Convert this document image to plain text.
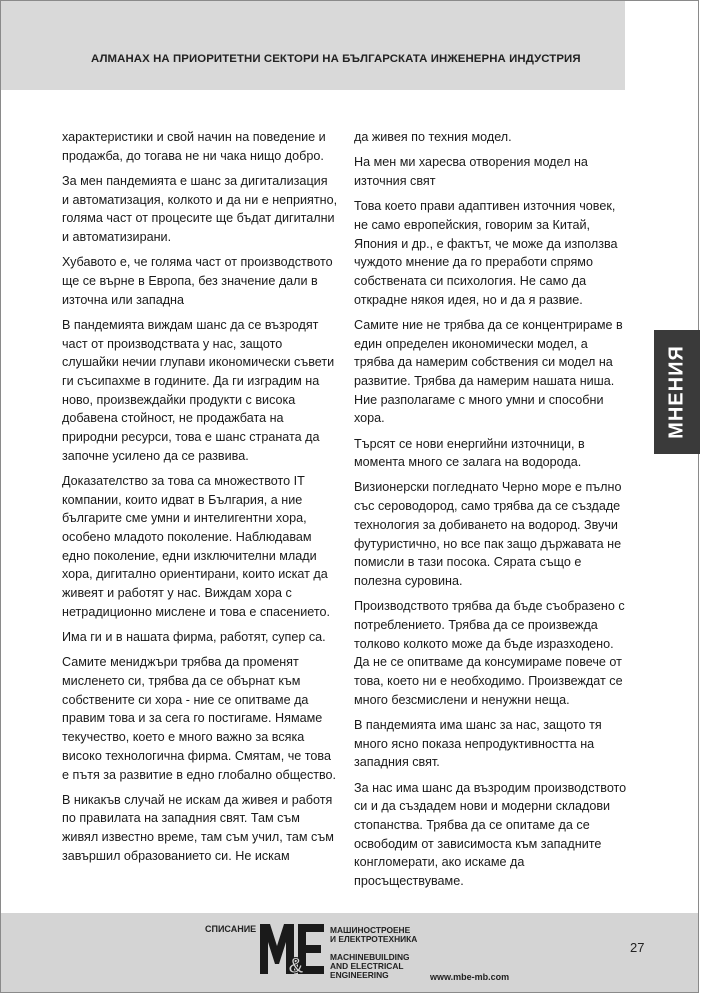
АЛМАНАХ НА ПРИОРИТЕТНИ СЕКТОРИ НА БЪЛГАРСКАТА ИНЖЕНЕРНА ИНДУСТРИЯ
МНЕНИЯ

характеристики и свой начин на поведение и продажба, до тогава не ни чака нищо добро.

За мен пандемията е шанс за дигитализация и автоматизация, колкото и да ни е неприятно, голяма част от процесите ще бъдат дигитални и автоматизирани.

Хубавото е, че голяма част от производството ще се върне в Европа, без значение дали в източна или западна

В пандемията виждам шанс да се възродят част от производствата у нас, защото слушайки нечии глупави икономически съвети ги съсипахме в годините. Да ги изградим на ново, произвеждайки продукти с висока добавена стойност, не продажбата на природни ресурси, това е шанс страната да започне усилено да се развива.

Доказателство за това са множеството IT компании, които идват в България, а ние българите сме умни и интелигентни хора, особено младото поколение. Наблюдавам едно поколение, едни изключителни млади хора, дигитално ориентирани, които искат да живеят и работят у нас. Виждам хора с нетрадиционно мислене и това е спасението.

Има ги и в нашата фирма, работят, супер са.

Самите мениджъри трябва да променят мисленето си, трябва да се обърнат към собствените си хора - ние се опитваме да правим това и за сега го постигаме. Нямаме текучество, което е много важно за всяка високо технологична фирма. Смятам, че това е пътя за развитие в едно глобално общество.

В никакъв случай не искам да живея и работя по правилата на западния свят. Там съм живял известно време, там съм учил, там съм завършил образованието си. Не искам

да живея по техния модел.

На мен ми харесва отворения модел на източния свят

Това което прави адаптивен източния човек, не само европейския, говорим за Китай, Япония и др., е фактът, че може да използва чуждото мнение да го преработи спрямо собствената си психология. Не само да открадне някоя идея, но и да я развие.

Самите ние не трябва да се концентрираме в един определен икономически модел, а трябва да намерим собствения си модел на развитие. Трябва да намерим нашата ниша. Ние разполагаме с много умни и способни хора.

Търсят се нови енергийни източници, в момента много се залага на водорода.

Визионерски погледнато Черно море е пълно със сероводород, само трябва да се създаде технология за добиването на водород. Звучи футуристично, но все пак защо държавата не помисли в тази посока. Сярата също е полезна суровина.

Производството трябва да бъде съобразено с потреблението. Трябва да се произвежда толково колкото може да бъде изразходено. Да не се опитваме да консумираме повече от това, което ни е необходимо. Произвеждат се много безсмислени и ненужни неща.

В пандемията има шанс за нас, защото тя много ясно показа непродуктивността на западния свят.

За нас има шанс да възродим производството си и да създадем нови и модерни складови стопанства. Трябва да се опитаме да се освободим от зависимоста към западните конгломерати, ако искаме да просъществуваме.

СПИСАНИЕ
&
МАШИНОСТРОЕНЕ
И ЕЛЕКТРОТЕХНИКА
MACHINEBUILDING
AND ELECTRICAL
ENGINEERING	www.mbe-mb.com
27
